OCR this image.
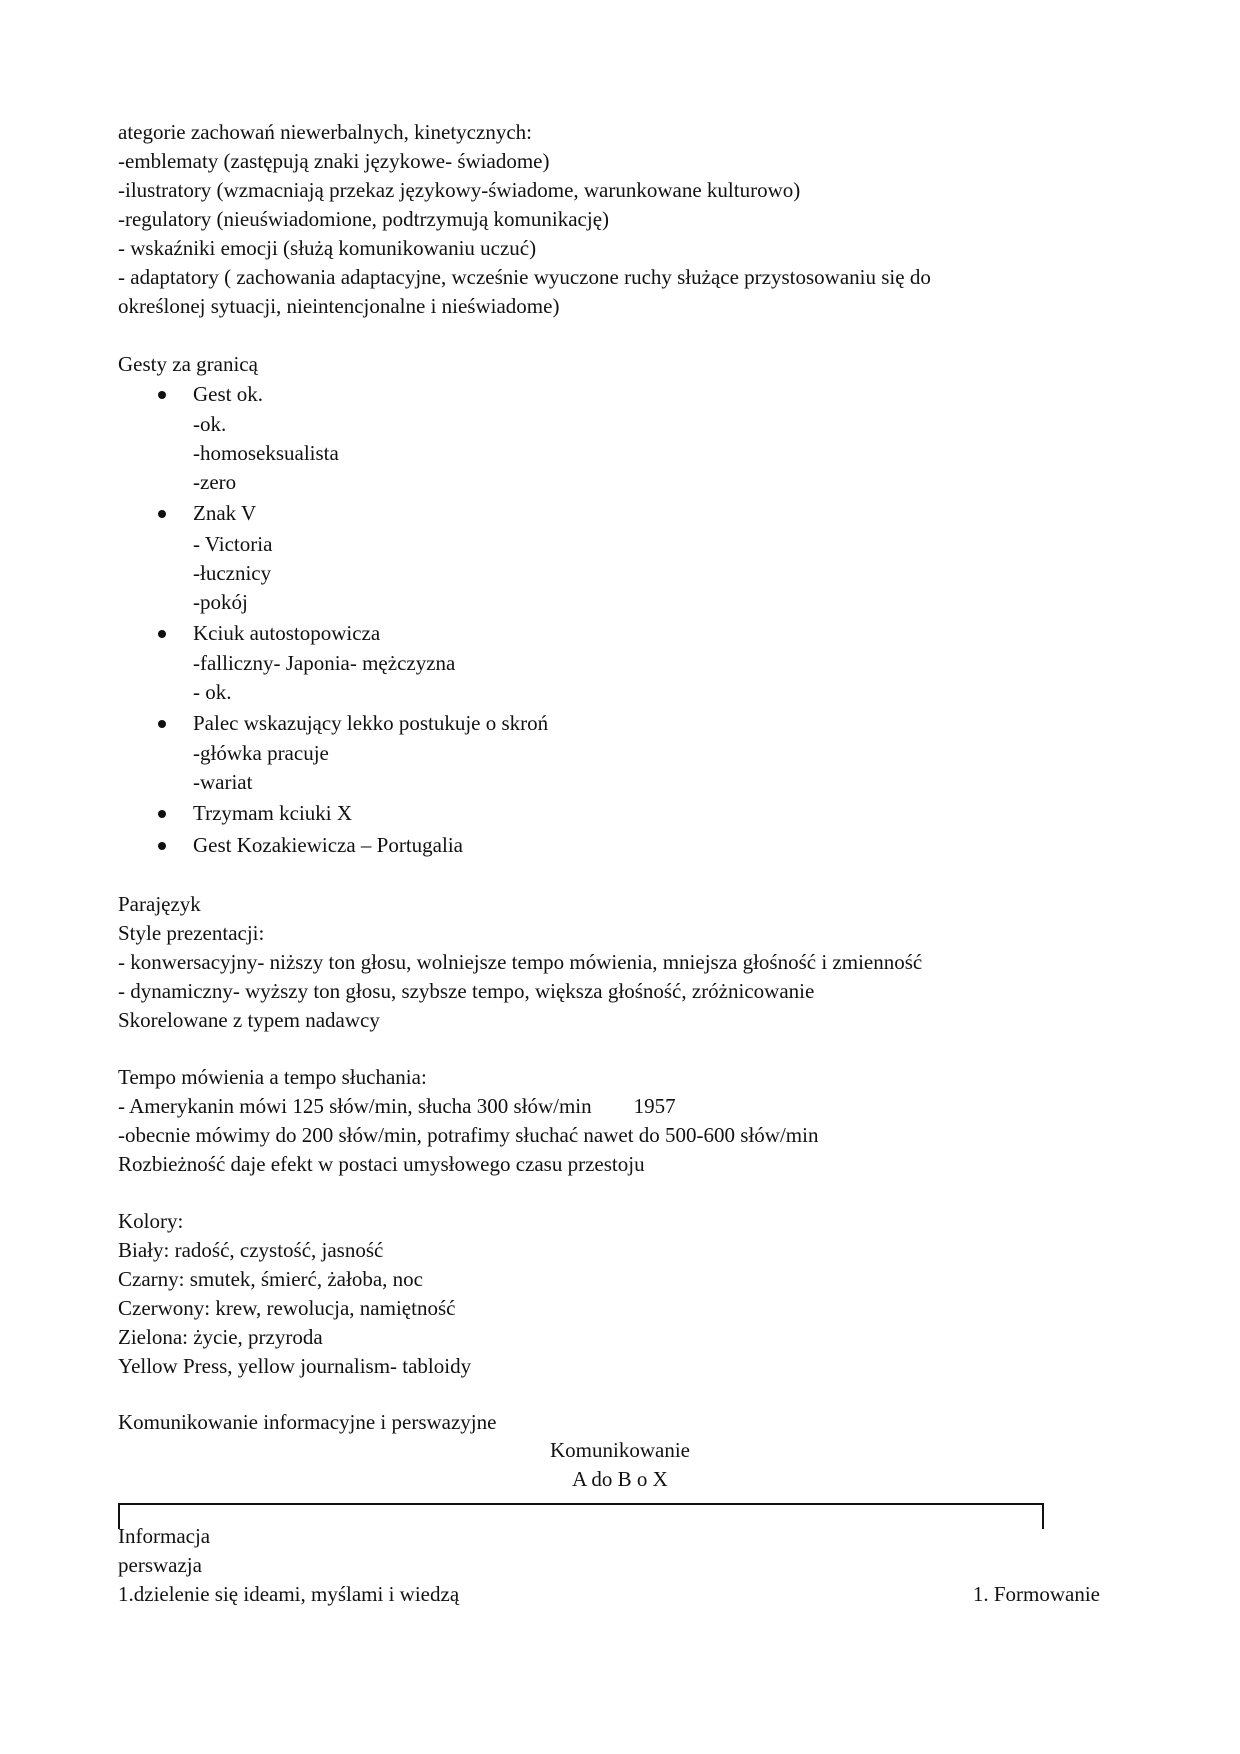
ategorie zachowań niewerbalnych, kinetycznych:
-emblematy (zastępują znaki językowe- świadome)
-ilustratory (wzmacniają przekaz językowy-świadome, warunkowane kulturowo)
-regulatory (nieuświadomione, podtrzymują komunikację)
- wskaźniki emocji (służą komunikowaniu uczuć)
- adaptatory ( zachowania adaptacyjne, wcześnie wyuczone ruchy służące przystosowaniu się do
określonej sytuacji, nieintencjonalne i nieświadome)
Gesty za granicą
Gest ok.
-ok.
-homoseksualista
-zero
Znak V
- Victoria
-łucznicy
-pokój
Kciuk autostopowicza
-falliczny- Japonia- mężczyzna
- ok.
Palec wskazujący lekko postukuje o skroń
-główka pracuje
-wariat
Trzymam kciuki X
Gest Kozakiewicza – Portugalia
Parajęzyk
Style prezentacji:
- konwersacyjny- niższy ton głosu, wolniejsze tempo mówienia, mniejsza głośność i zmienność
- dynamiczny- wyższy ton głosu, szybsze tempo, większa głośność, zróżnicowanie
Skorelowane z typem nadawcy
Tempo mówienia a tempo słuchania:
- Amerykanin mówi 125 słów/min, słucha 300 słów/min        1957
-obecnie mówimy do 200 słów/min, potrafimy słuchać nawet do 500-600 słów/min
Rozbieżność daje efekt w postaci umysłowego czasu przestoju
Kolory:
Biały: radość, czystość, jasność
Czarny: smutek, śmierć, żałoba, noc
Czerwony: krew, rewolucja, namiętność
Zielona: życie, przyroda
Yellow Press, yellow journalism- tabloidy
Komunikowanie informacyjne i perswazyjne
Komunikowanie
A do B o X
Informacja
perswazja
1.dzielenie się ideami, myślami i wiedzą	1. Formowanie
